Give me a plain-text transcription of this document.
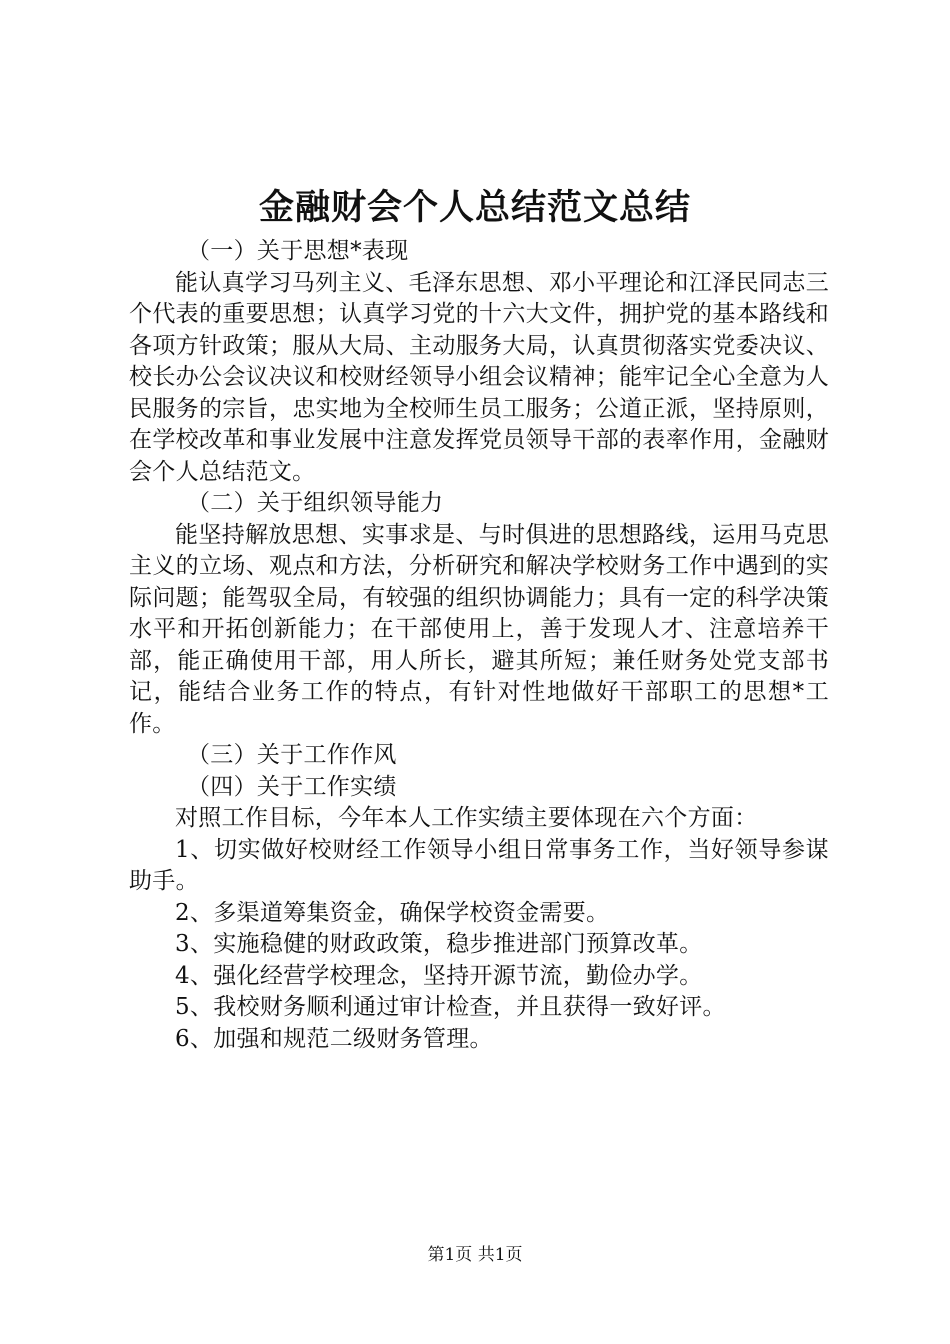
金融财会个人总结范文总结

（一）关于思想*表现

能认真学习马列主义、毛泽东思想、邓小平理论和江泽民同志三个代表的重要思想；认真学习党的十六大文件，拥护党的基本路线和各项方针政策；服从大局、主动服务大局，认真贯彻落实党委决议、校长办公会议决议和校财经领导小组会议精神；能牢记全心全意为人民服务的宗旨，忠实地为全校师生员工服务；公道正派，坚持原则，在学校改革和事业发展中注意发挥党员领导干部的表率作用，金融财会个人总结范文。

（二）关于组织领导能力

能坚持解放思想、实事求是、与时俱进的思想路线，运用马克思主义的立场、观点和方法，分析研究和解决学校财务工作中遇到的实际问题；能驾驭全局，有较强的组织协调能力；具有一定的科学决策水平和开拓创新能力；在干部使用上，善于发现人才、注意培养干部，能正确使用干部，用人所长，避其所短；兼任财务处党支部书记，能结合业务工作的特点，有针对性地做好干部职工的思想*工作。

（三）关于工作作风

（四）关于工作实绩

对照工作目标，今年本人工作实绩主要体现在六个方面：

1、切实做好校财经工作领导小组日常事务工作，当好领导参谋助手。

2、多渠道筹集资金，确保学校资金需要。

3、实施稳健的财政政策，稳步推进部门预算改革。

4、强化经营学校理念，坚持开源节流，勤俭办学。

5、我校财务顺利通过审计检查，并且获得一致好评。

6、加强和规范二级财务管理。

第1页 共1页
